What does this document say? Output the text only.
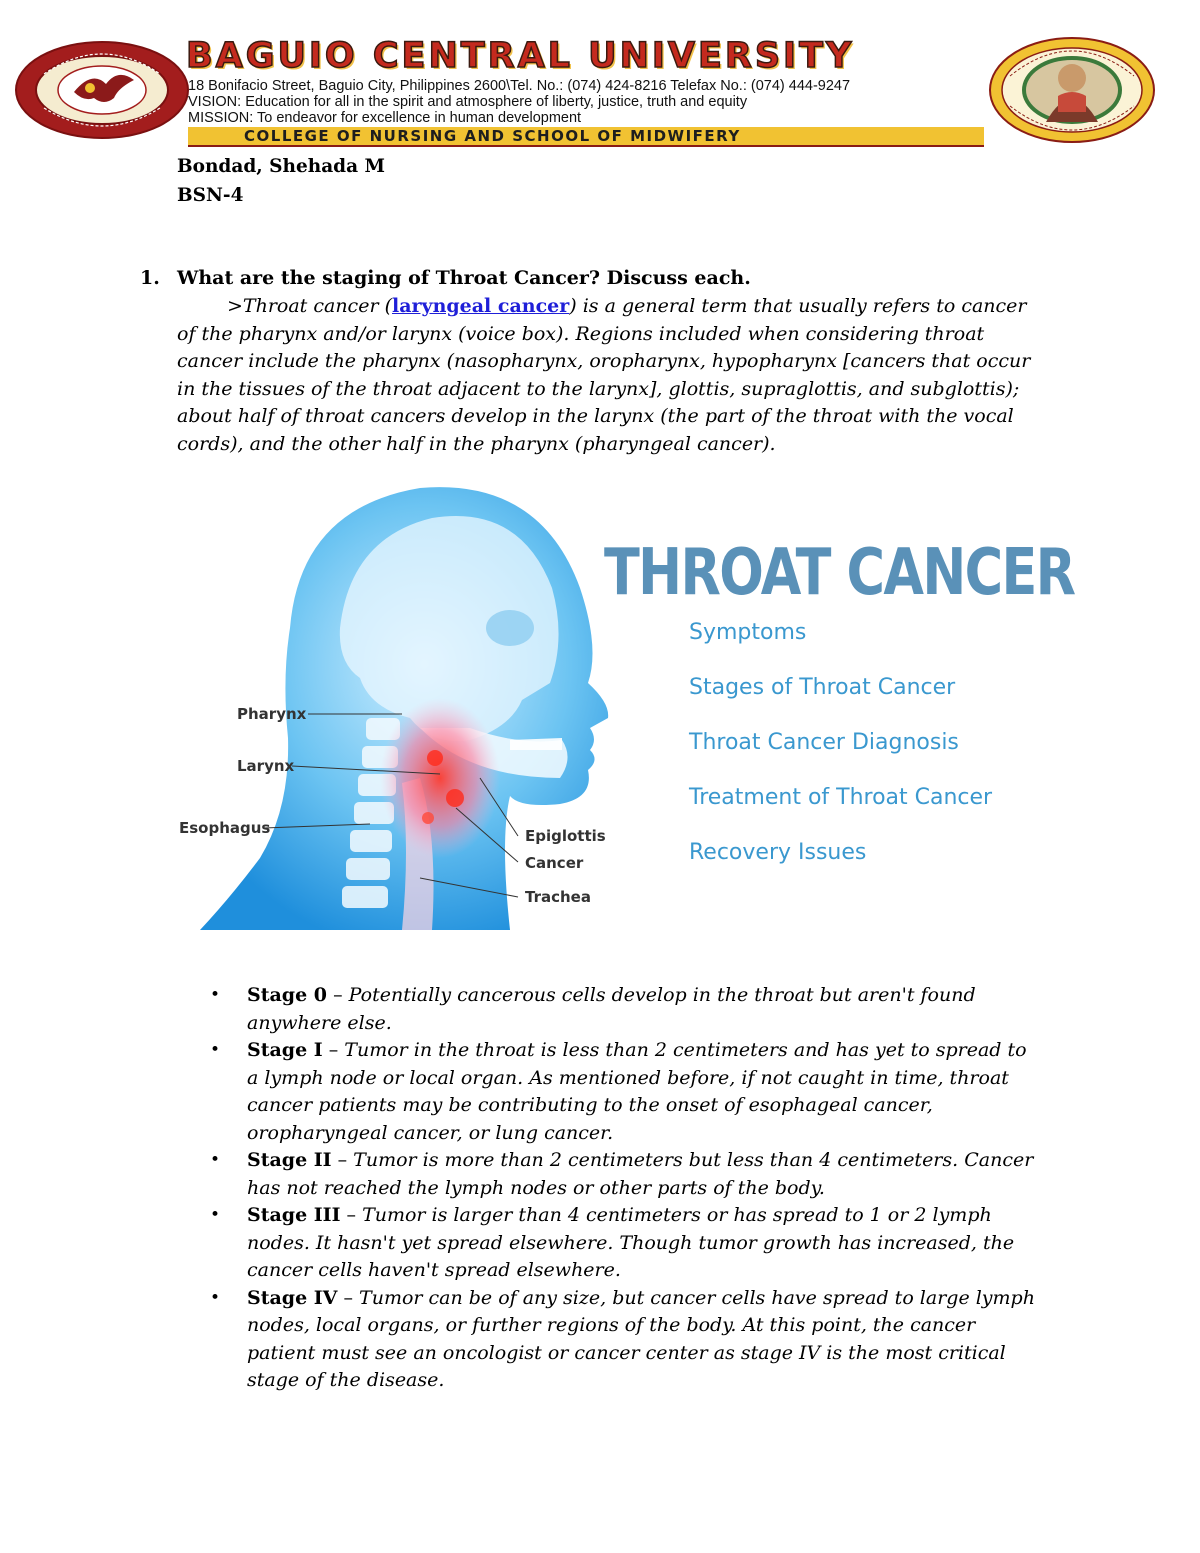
BAGUIO CENTRAL UNIVERSITY
18 Bonifacio Street, Baguio City, Philippines 2600\Tel. No.: (074) 424-8216 Telefax No.: (074) 444-9247
VISION: Education for all in the spirit and atmosphere of liberty, justice, truth and equity
MISSION: To endeavor for excellence in human development
COLLEGE OF NURSING AND SCHOOL OF MIDWIFERY
Bondad, Shehada M
BSN-4
1. What are the staging of Throat Cancer? Discuss each.
>Throat cancer (laryngeal cancer) is a general term that usually refers to cancer of the pharynx and/or larynx (voice box). Regions included when considering throat cancer include the pharynx (nasopharynx, oropharynx, hypopharynx [cancers that occur in the tissues of the throat adjacent to the larynx], glottis, supraglottis, and subglottis); about half of throat cancers develop in the larynx (the part of the throat with the vocal cords), and the other half in the pharynx (pharyngeal cancer).
Pharynx
Larynx
Esophagus	Epiglottis
Cancer
Trachea
THROAT CANCER
Symptoms
Stages of Throat Cancer
Throat Cancer Diagnosis
Treatment of Throat Cancer
Recovery Issues
• Stage 0 – Potentially cancerous cells develop in the throat but aren't found anywhere else.
• Stage I – Tumor in the throat is less than 2 centimeters and has yet to spread to a lymph node or local organ. As mentioned before, if not caught in time, throat cancer patients may be contributing to the onset of esophageal cancer, oropharyngeal cancer, or lung cancer.
• Stage II – Tumor is more than 2 centimeters but less than 4 centimeters. Cancer has not reached the lymph nodes or other parts of the body.
• Stage III – Tumor is larger than 4 centimeters or has spread to 1 or 2 lymph nodes. It hasn't yet spread elsewhere. Though tumor growth has increased, the cancer cells haven't spread elsewhere.
• Stage IV – Tumor can be of any size, but cancer cells have spread to large lymph nodes, local organs, or further regions of the body. At this point, the cancer patient must see an oncologist or cancer center as stage IV is the most critical stage of the disease.
